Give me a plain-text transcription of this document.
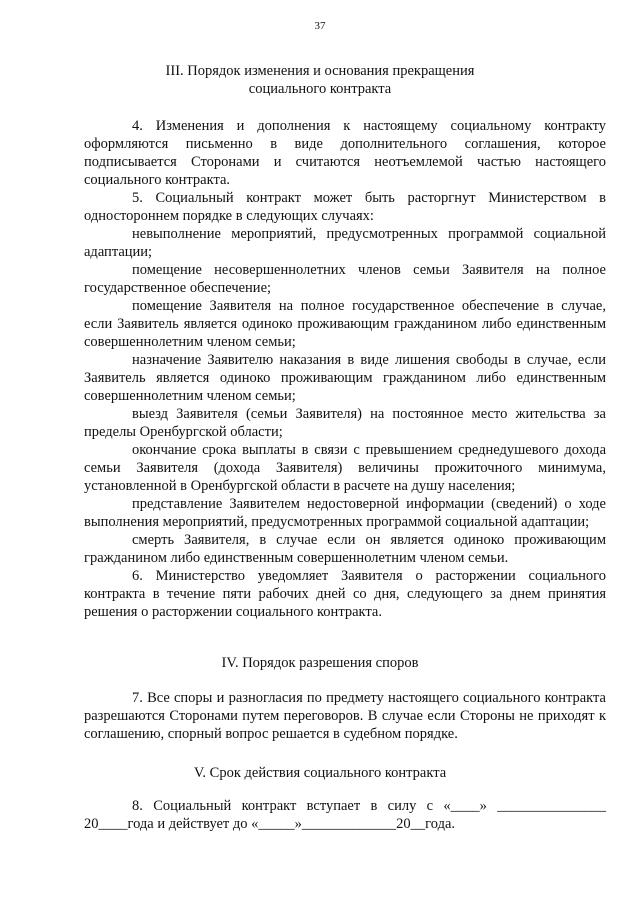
37
III. Порядок изменения и основания прекращения
социального контракта

4. Изменения и дополнения к настоящему социальному контракту оформляются письменно в виде дополнительного соглашения, которое подписывается Сторонами и считаются неотъемлемой частью настоящего социального контракта.

5. Социальный контракт может быть расторгнут Министерством в одностороннем порядке в следующих случаях:

невыполнение мероприятий, предусмотренных программой социальной адаптации;

помещение несовершеннолетних членов семьи Заявителя на полное государственное обеспечение;

помещение Заявителя на полное государственное обеспечение в случае, если Заявитель является одиноко проживающим гражданином либо единственным совершеннолетним членом семьи;

назначение Заявителю наказания в виде лишения свободы в случае, если Заявитель является одиноко проживающим гражданином либо единственным совершеннолетним членом семьи;

выезд Заявителя (семьи Заявителя) на постоянное место жительства за пределы Оренбургской области;

окончание срока выплаты в связи с превышением среднедушевого дохода семьи Заявителя (дохода Заявителя) величины прожиточного минимума, установленной в Оренбургской области в расчете на душу населения;

представление Заявителем недостоверной информации (сведений) о ходе выполнения мероприятий, предусмотренных программой социальной адаптации;

смерть Заявителя, в случае если он является одиноко проживающим гражданином либо единственным совершеннолетним членом семьи.

6. Министерство уведомляет Заявителя о расторжении социального контракта в течение пяти рабочих дней со дня, следующего за днем принятия решения о расторжении социального контракта.

IV. Порядок разрешения споров

7. Все споры и разногласия по предмету настоящего социального контракта разрешаются Сторонами путем переговоров. В случае если Стороны не приходят к соглашению, спорный вопрос решается в судебном порядке.

V. Срок действия социального контракта

8. Социальный контракт вступает в силу с «____» _______________ 20____года и действует до «_____»_____________20__года.
